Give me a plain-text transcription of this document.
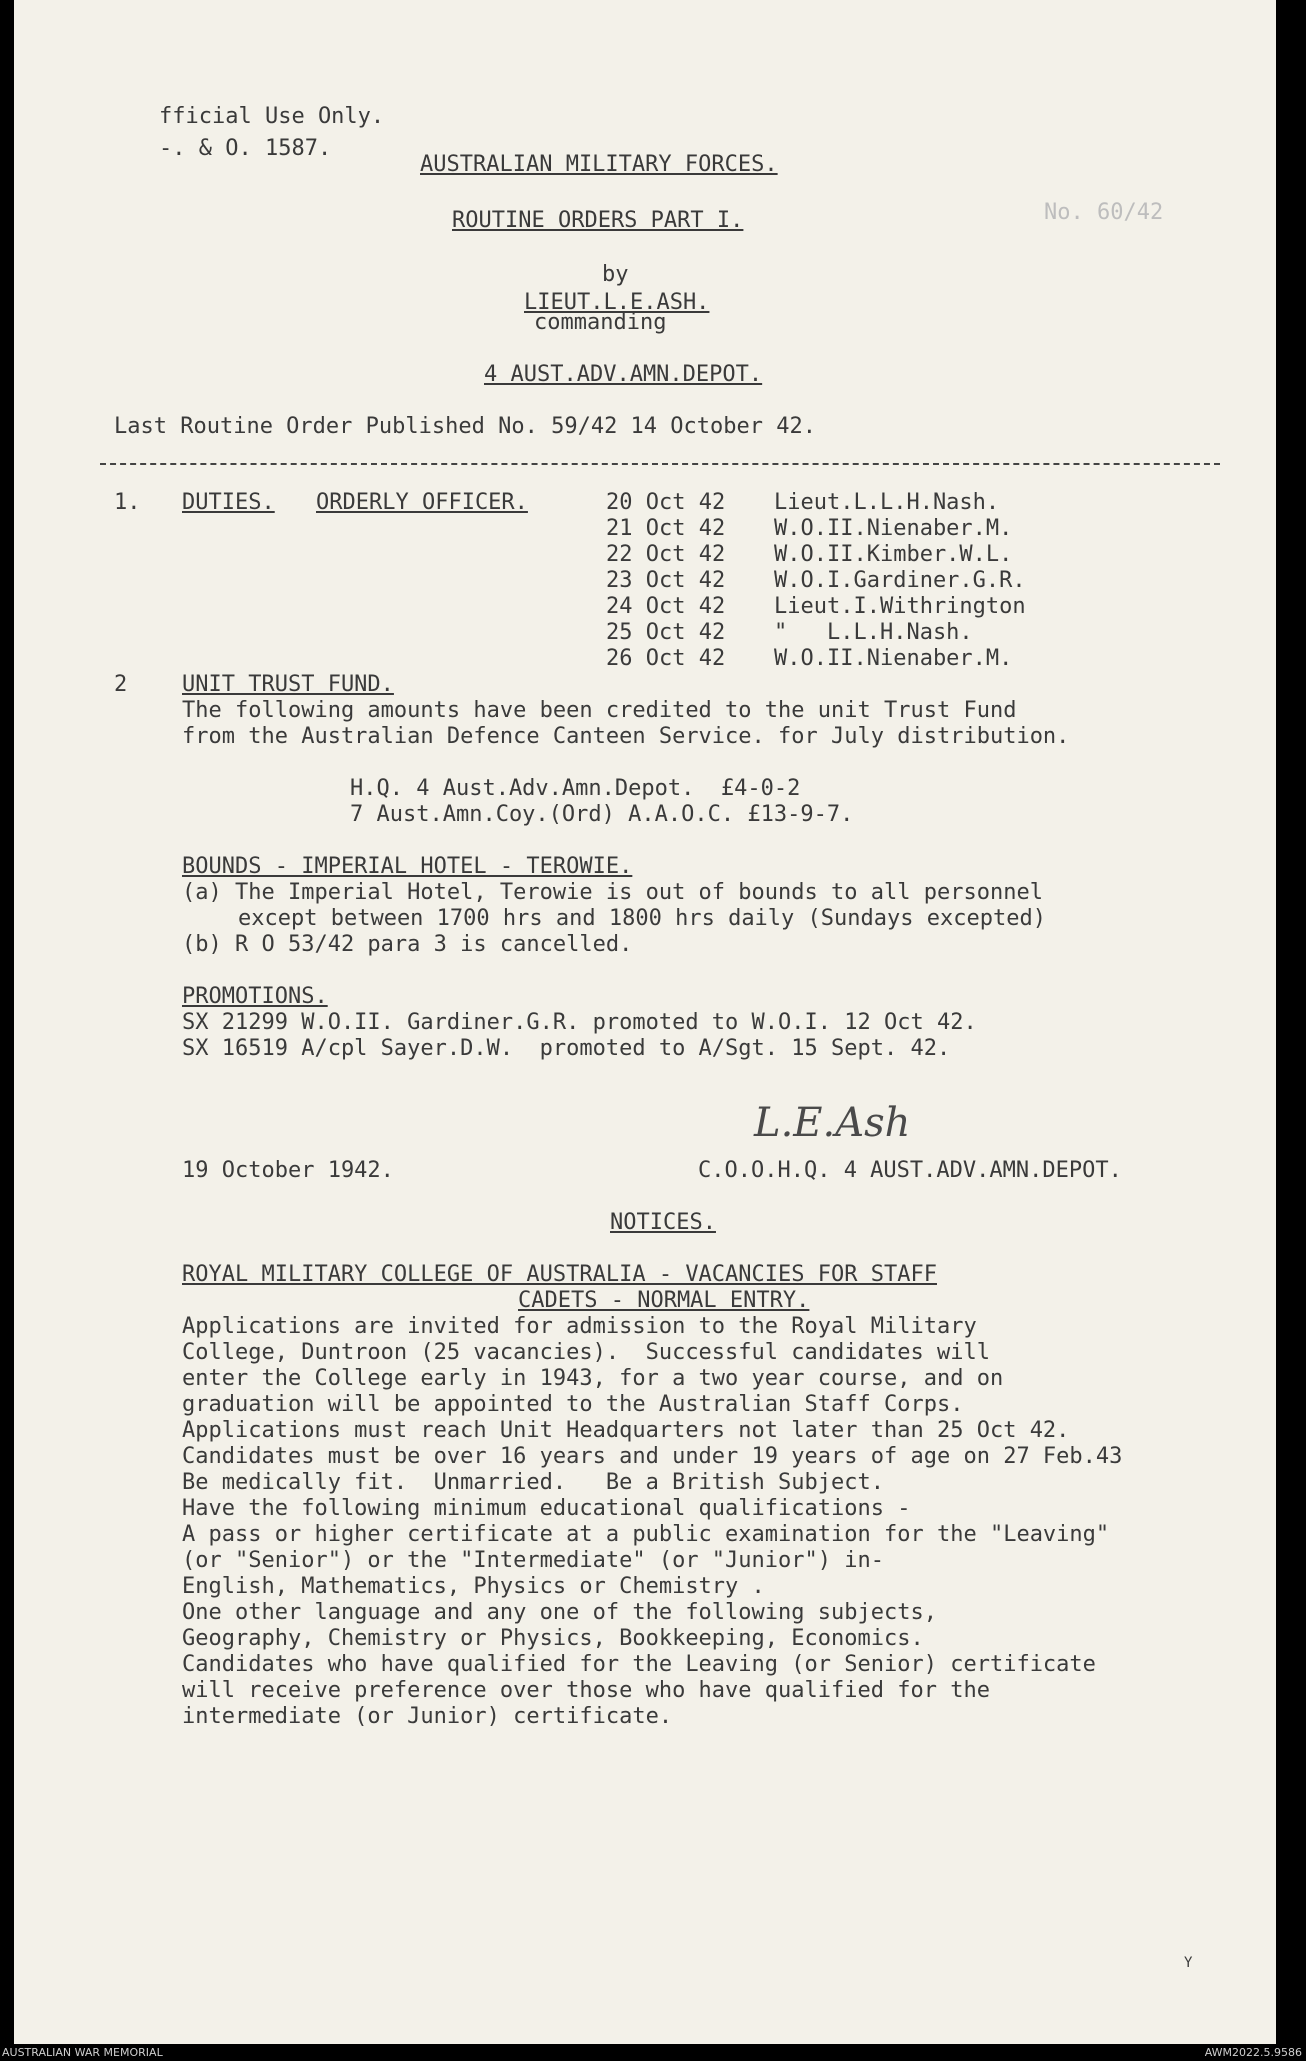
fficial Use Only.
‐. & O. 1587.
AUSTRALIAN MILITARY FORCES.
ROUTINE ORDERS PART I.	No. 60/42
by
LIEUT.L.E.ASH.
commanding
4 AUST.ADV.AMN.DEPOT.
Last Routine Order Published No. 59/42 14 October 42.
1. DUTIES. ORDERLY OFFICER.	20 Oct 42 Lieut.L.L.H.Nash.
21 Oct 42 W.O.II.Nienaber.M.
22 Oct 42 W.O.II.Kimber.W.L.
23 Oct 42 W.O.I.Gardiner.G.R.
24 Oct 42 Lieut.I.Withrington
25 Oct 42 "   L.L.H.Nash.
26 Oct 42 W.O.II.Nienaber.M.
2 UNIT TRUST FUND.
The following amounts have been credited to the unit Trust Fund
from the Australian Defence Canteen Service. for July distribution.
H.Q. 4 Aust.Adv.Amn.Depot.  £4-0-2
7 Aust.Amn.Coy.(Ord) A.A.O.C. £13-9-7.
BOUNDS - IMPERIAL HOTEL - TEROWIE.
(a) The Imperial Hotel, Terowie is out of bounds to all personnel
except between 1700 hrs and 1800 hrs daily (Sundays excepted)
(b) R O 53/42 para 3 is cancelled.
PROMOTIONS.
SX 21299 W.O.II. Gardiner.G.R. promoted to W.O.I. 12 Oct 42.
SX 16519 A/cpl Sayer.D.W.  promoted to A/Sgt. 15 Sept. 42.
L.E.Ash
19 October 1942.	C.O.O.H.Q. 4 AUST.ADV.AMN.DEPOT.
NOTICES.
ROYAL MILITARY COLLEGE OF AUSTRALIA - VACANCIES FOR STAFF
CADETS - NORMAL ENTRY.
Applications are invited for admission to the Royal Military
College, Duntroon (25 vacancies).  Successful candidates will
enter the College early in 1943, for a two year course, and on
graduation will be appointed to the Australian Staff Corps.
Applications must reach Unit Headquarters not later than 25 Oct 42.
Candidates must be over 16 years and under 19 years of age on 27 Feb.43
Be medically fit.  Unmarried.   Be a British Subject.
Have the following minimum educational qualifications -
A pass or higher certificate at a public examination for the "Leaving"
(or "Senior") or the "Intermediate" (or "Junior") in-
English, Mathematics, Physics or Chemistry .
One other language and any one of the following subjects,
Geography, Chemistry or Physics, Bookkeeping, Economics.
Candidates who have qualified for the Leaving (or Senior) certificate
will receive preference over those who have qualified for the
intermediate (or Junior) certificate.
Y
AUSTRALIAN WAR MEMORIAL	AWM2022.5.9586
